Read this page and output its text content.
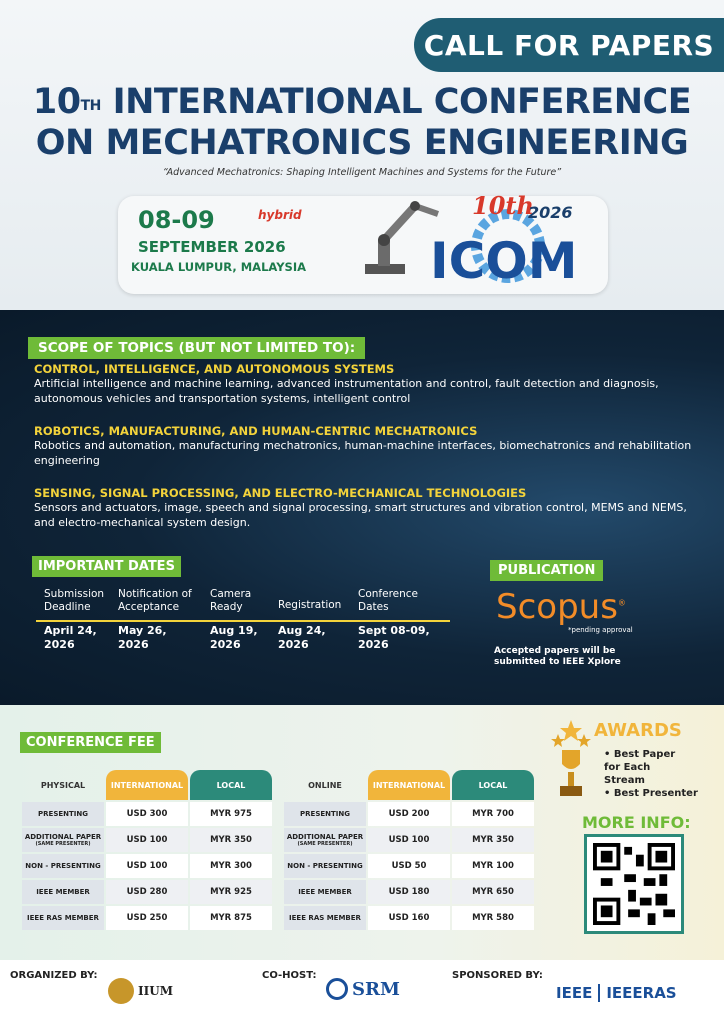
CALL FOR PAPERS
10TH INTERNATIONAL CONFERENCE
ON MECHATRONICS ENGINEERING
“Advanced Mechatronics: Shaping Intelligent Machines and Systems for the Future”
08-09	hybrid
SEPTEMBER 2026
KUALA LUMPUR, MALAYSIA
10th
2026
ICOM
SCOPE OF TOPICS (BUT NOT LIMITED TO):
CONTROL, INTELLIGENCE, AND AUTONOMOUS SYSTEMS
Artificial intelligence and machine learning, advanced instrumentation and control, fault detection and diagnosis, autonomous vehicles and transportation systems, intelligent control
ROBOTICS, MANUFACTURING, AND HUMAN-CENTRIC MECHATRONICS
Robotics and automation, manufacturing mechatronics, human-machine interfaces, biomechatronics and rehabilitation engineering
SENSING, SIGNAL PROCESSING, AND ELECTRO-MECHANICAL TECHNOLOGIES
Sensors and actuators, image, speech and signal processing, smart structures and vibration control, MEMS and NEMS, and electro-mechanical system design.
IMPORTANT DATES
Submission Deadline
April 24, 2026
Notification of Acceptance
May 26, 2026
Camera Ready
Aug 19, 2026
Registration
Aug 24, 2026
Conference Dates
Sept 08-09, 2026
PUBLICATION
Scopus®
*pending approval
Accepted papers will be submitted to IEEE Xplore
CONFERENCE FEE
PHYSICAL	INTERNATIONAL	LOCAL
PRESENTING	USD 300	MYR 975
ADDITIONAL PAPER
(SAME PRESENTER)	USD 100	MYR 350
NON - PRESENTING	USD 100	MYR 300
IEEE MEMBER	USD 280	MYR 925
IEEE RAS MEMBER	USD 250	MYR 875
ONLINE	INTERNATIONAL	LOCAL
PRESENTING	USD 200	MYR 700
ADDITIONAL PAPER
(SAME PRESENTER)	USD 100	MYR 350
NON - PRESENTING	USD 50	MYR 100
IEEE MEMBER	USD 180	MYR 650
IEEE RAS MEMBER	USD 160	MYR 580
AWARDS
• Best Paper for Each Stream
• Best Presenter
MORE INFO:
ORGANIZED BY:	CO-HOST:	SPONSORED BY:
IIUM	SRM	IEEE IEEERAS
